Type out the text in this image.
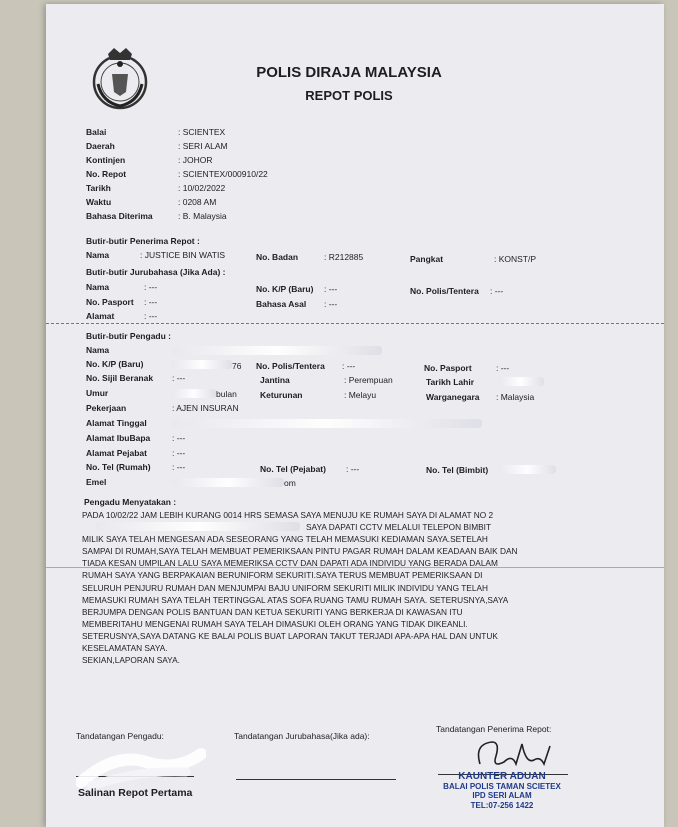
POLIS DIRAJA MALAYSIA
REPOT POLIS
Balai	: SCIENTEX
Daerah	: SERI ALAM
Kontinjen	: JOHOR
No. Repot	: SCIENTEX/000910/22
Tarikh	: 10/02/2022
Waktu	: 0208 AM
Bahasa Diterima	: B. Malaysia
Butir-butir Penerima Repot :
Nama	: JUSTICE BIN WATIS	No. Badan	: R212885	Pangkat	: KONST/P
Butir-butir Jurubahasa (Jika Ada) :
Nama	: ---	No. K/P (Baru) : ---	No. Polis/Tentera : ---
No. Pasport : ---	Bahasa Asal : ---
Alamat	: ---
Butir-butir Pengadu :
Nama
No. K/P (Baru)	76 No. Polis/Tentera : ---	No. Pasport	: ---
No. Sijil Beranak : ---	Jantina	: Perempuan	Tarikh Lahir
Umur	bulan	Keturunan	: Melayu	Warganegara : Malaysia
Pekerjaan	: AJEN INSURAN
Alamat Tinggal
Alamat IbuBapa	: ---
Alamat Pejabat	: ---
No. Tel (Rumah)	: ---	No. Tel (Pejabat) : ---	No. Tel (Bimbit)
Emel	om
Pengadu Menyatakan :

PADA 10/02/22 JAM LEBIH KURANG 0014 HRS SEMASA SAYA MENUJU KE RUMAH SAYA DI ALAMAT NO 2

SAYA DAPATI CCTV MELALUI TELEPON BIMBIT

MILIK SAYA TELAH MENGESAN ADA SESEORANG YANG TELAH MEMASUKI KEDIAMAN SAYA.SETELAH

SAMPAI DI RUMAH,SAYA TELAH MEMBUAT PEMERIKSAAN PINTU PAGAR RUMAH DALAM KEADAAN BAIK DAN

TIADA KESAN UMPILAN LALU SAYA MEMERIKSA CCTV DAN DAPATI ADA INDIVIDU YANG BERADA DALAM

RUMAH SAYA YANG BERPAKAIAN BERUNIFORM SEKURITI.SAYA TERUS MEMBUAT PEMERIKSAAN DI

SELURUH PENJURU RUMAH DAN MENJUMPAI BAJU UNIFORM SEKURITI MILIK INDIVIDU YANG TELAH

MEMASUKI RUMAH SAYA TELAH TERTINGGAL ATAS SOFA RUANG TAMU RUMAH SAYA. SETERUSNYA,SAYA

BERJUMPA DENGAN POLIS BANTUAN DAN KETUA SEKURITI YANG BERKERJA DI KAWASAN ITU

MEMBERITAHU MENGENAI RUMAH SAYA TELAH DIMASUKI OLEH ORANG YANG TIDAK DIKEANLI.

SETERUSNYA,SAYA DATANG KE BALAI POLIS BUAT LAPORAN TAKUT TERJADI APA-APA HAL DAN UNTUK

KESELAMATAN SAYA.

SEKIAN,LAPORAN SAYA.

Tandatangan Pengadu:	Tandatangan Jurubahasa(Jika ada):
Tandatangan Penerima Repot:
KAUNTER ADUAN
BALAI POLIS TAMAN SCIETEX
IPD SERI ALAM
TEL:07-256 1422
Salinan Repot Pertama
